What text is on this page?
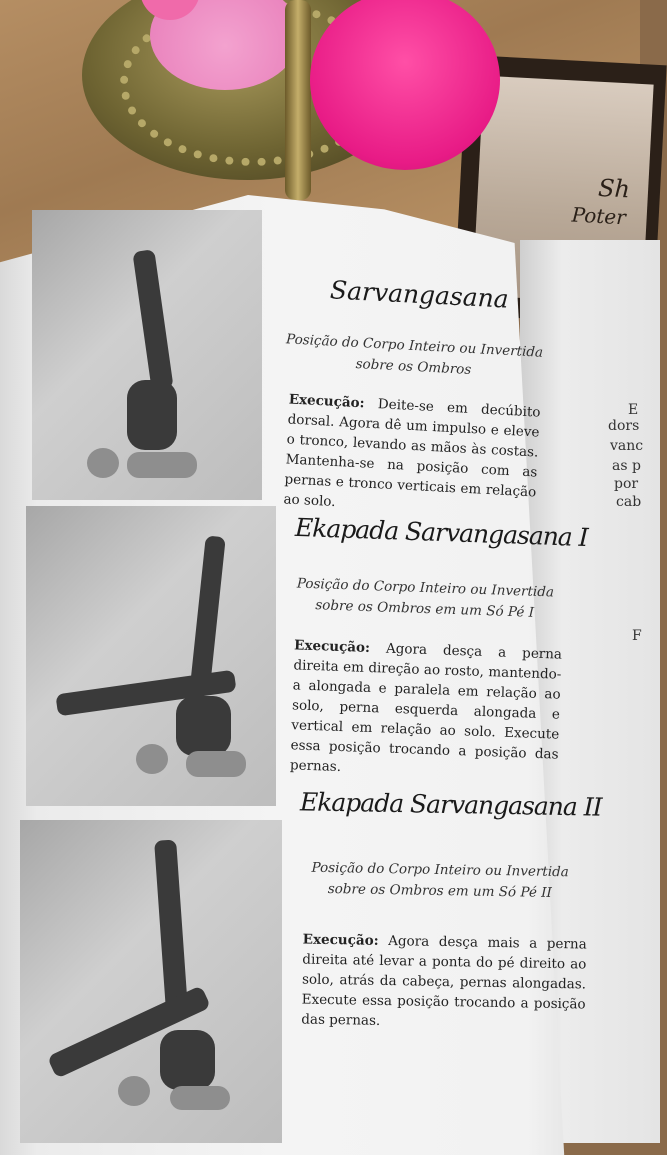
Sh
Poter
E
dors
vanc
as p
por
cab
F
Sarvangasana
Posição do Corpo Inteiro ou Invertida
sobre os Ombros
Execução: Deite-se em decúbito dorsal. Agora dê um impulso e eleve o tronco, levando as mãos às costas. Mantenha-se na posição com as pernas e tronco verticais em relação ao solo.
Ekapada Sarvangasana I
Posição do Corpo Inteiro ou Invertida
sobre os Ombros em um Só Pé I
Execução: Agora desça a perna direita em direção ao rosto, mantendo-a alongada e paralela em relação ao solo, perna esquerda alongada e vertical em relação ao solo. Execute essa posição trocando a posição das pernas.
Ekapada Sarvangasana II
Posição do Corpo Inteiro ou Invertida
sobre os Ombros em um Só Pé II
Execução: Agora desça mais a perna direita até levar a ponta do pé direito ao solo, atrás da cabeça, pernas alongadas. Execute essa posição trocando a posição das pernas.
